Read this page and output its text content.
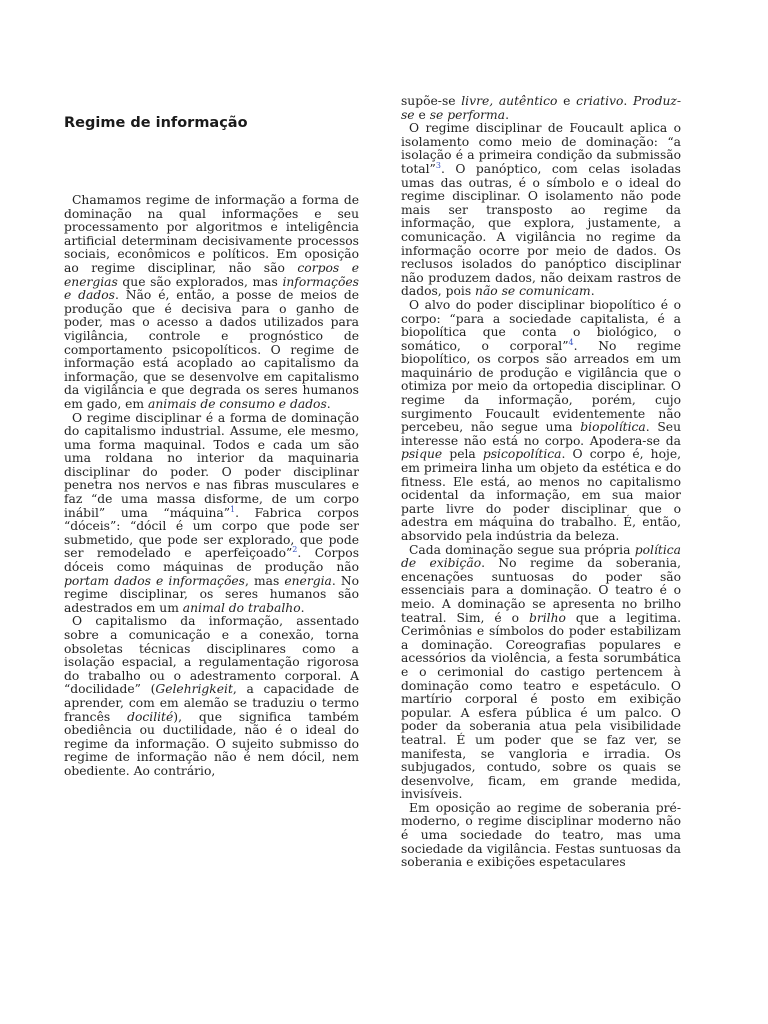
Regime de informação

Chamamos regime de informação a forma de dominação na qual informações e seu processamento por algoritmos e inteligência artificial determinam decisivamente processos sociais, econômicos e políticos. Em oposição ao regime disciplinar, não são corpos e energias que são explorados, mas informações e dados. Não é, então, a posse de meios de produção que é decisiva para o ganho de poder, mas o acesso a dados utilizados para vigilância, controle e prognóstico de comportamento psicopolíticos. O regime de informação está acoplado ao capitalismo da informação, que se desenvolve em capitalismo da vigilância e que degrada os seres humanos em gado, em animais de consumo e dados.

O regime disciplinar é a forma de dominação do capitalismo industrial. Assume, ele mesmo, uma forma maquinal. Todos e cada um são uma roldana no interior da maquinaria disciplinar do poder. O poder disciplinar penetra nos nervos e nas fibras musculares e faz “de uma massa disforme, de um corpo inábil” uma “máquina”$^1$. Fabrica corpos “dóceis”: “dócil é um corpo que pode ser submetido, que pode ser explorado, que pode ser remodelado e aperfeiçoado”$^2$. Corpos dóceis como máquinas de produção não portam dados e informações, mas energia. No regime disciplinar, os seres humanos são adestrados em um animal do trabalho.

O capitalismo da informação, assentado sobre a comunicação e a conexão, torna obsoletas técnicas disciplinares como a isolação espacial, a regulamentação rigorosa do trabalho ou o adestramento corporal. A “docilidade” (Gelehrigkeit, a capacidade de aprender, com em alemão se traduziu o termo francês docilité), que significa também obediência ou ductilidade, não é o ideal do regime da informação. O sujeito submisso do regime de informação não é nem dócil, nem obediente. Ao contrário,

supõe-se livre, autêntico e criativo. Produz-se e se performa.

O regime disciplinar de Foucault aplica o isolamento como meio de dominação: “a isolação é a primeira condição da submissão total”$^3$. O panóptico, com celas isoladas umas das outras, é o símbolo e o ideal do regime disciplinar. O isolamento não pode mais ser transposto ao regime da informação, que explora, justamente, a comunicação. A vigilância no regime da informação ocorre por meio de dados. Os reclusos isolados do panóptico disciplinar não produzem dados, não deixam rastros de dados, pois não se comunicam.

O alvo do poder disciplinar biopolítico é o corpo: “para a sociedade capitalista, é a biopolítica que conta o biológico, o somático, o corporal”$^4$. No regime biopolítico, os corpos são arreados em um maquinário de produção e vigilância que o otimiza por meio da ortopedia disciplinar. O regime da informação, porém, cujo surgimento Foucault evidentemente não percebeu, não segue uma biopolítica. Seu interesse não está no corpo. Apodera-se da psique pela psicopolítica. O corpo é, hoje, em primeira linha um objeto da estética e do fitness. Ele está, ao menos no capitalismo ocidental da informação, em sua maior parte livre do poder disciplinar que o adestra em máquina do trabalho. É, então, absorvido pela indústria da beleza.

Cada dominação segue sua própria política de exibição. No regime da soberania, encenações suntuosas do poder são essenciais para a dominação. O teatro é o meio. A dominação se apresenta no brilho teatral. Sim, é o brilho que a legitima. Cerimônias e símbolos do poder estabilizam a dominação. Coreografias populares e acessórios da violência, a festa sorumbática e o cerimonial do castigo pertencem à dominação como teatro e espetáculo. O martírio corporal é posto em exibição popular. A esfera pública é um palco. O poder da soberania atua pela visibilidade teatral. É um poder que se faz ver, se manifesta, se vangloria e irradia. Os subjugados, contudo, sobre os quais se desenvolve, ficam, em grande medida, invisíveis.

Em oposição ao regime de soberania pré-moderno, o regime disciplinar moderno não é uma sociedade do teatro, mas uma sociedade da vigilância. Festas suntuosas da soberania e exibições espetaculares
